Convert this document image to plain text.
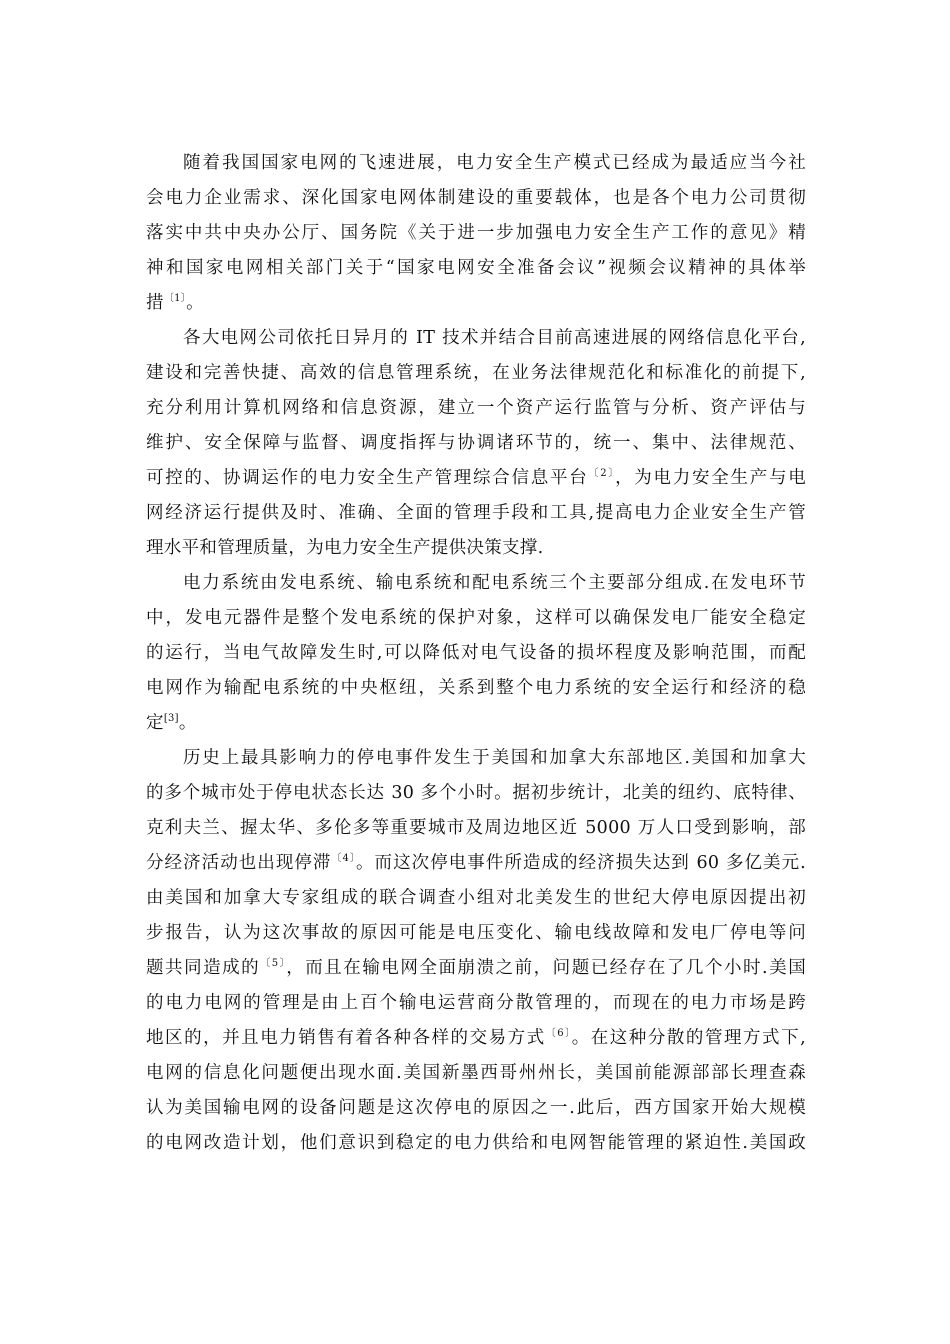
随着我国国家电网的飞速进展，电力安全生产模式已经成为最适应当今社
会电力企业需求、深化国家电网体制建设的重要载体，也是各个电力公司贯彻
落实中共中央办公厅、国务院《关于进一步加强电力安全生产工作的意见》精
神和国家电网相关部门关于“国家电网安全准备会议”视频会议精神的具体举
措$^{〔1〕}$。
各大电网公司依托日异月的 IT 技术并结合目前高速进展的网络信息化平台,
建设和完善快捷、高效的信息管理系统，在业务法律规范化和标准化的前提下,
充分利用计算机网络和信息资源，建立一个资产运行监管与分析、资产评估与
维护、安全保障与监督、调度指挥与协调诸环节的，统一、集中、法律规范、
可控的、协调运作的电力安全生产管理综合信息平台$^{〔2〕}$，为电力安全生产与电
网经济运行提供及时、准确、全面的管理手段和工具,提高电力企业安全生产管
理水平和管理质量，为电力安全生产提供决策支撑.
电力系统由发电系统、输电系统和配电系统三个主要部分组成.在发电环节
中，发电元器件是整个发电系统的保护对象，这样可以确保发电厂能安全稳定
的运行，当电气故障发生时,可以降低对电气设备的损坏程度及影响范围，而配
电网作为输配电系统的中央枢纽，关系到整个电力系统的安全运行和经济的稳
定[3]。
历史上最具影响力的停电事件发生于美国和加拿大东部地区.美国和加拿大
的多个城市处于停电状态长达 30 多个小时。据初步统计，北美的纽约、底特律、
克利夫兰、握太华、多伦多等重要城市及周边地区近 5000 万人口受到影响，部
分经济活动也出现停滞$^{〔4〕}$。而这次停电事件所造成的经济损失达到 60 多亿美元.
由美国和加拿大专家组成的联合调查小组对北美发生的世纪大停电原因提出初
步报告，认为这次事故的原因可能是电压变化、输电线故障和发电厂停电等问
题共同造成的$^{〔5〕}$，而且在输电网全面崩溃之前，问题已经存在了几个小时.美国
的电力电网的管理是由上百个输电运营商分散管理的，而现在的电力市场是跨
地区的，并且电力销售有着各种各样的交易方式$^{〔6〕}$。在这种分散的管理方式下,
电网的信息化问题便出现水面.美国新墨西哥州州长，美国前能源部部长理查森
认为美国输电网的设备问题是这次停电的原因之一.此后，西方国家开始大规模
的电网改造计划，他们意识到稳定的电力供给和电网智能管理的紧迫性.美国政
